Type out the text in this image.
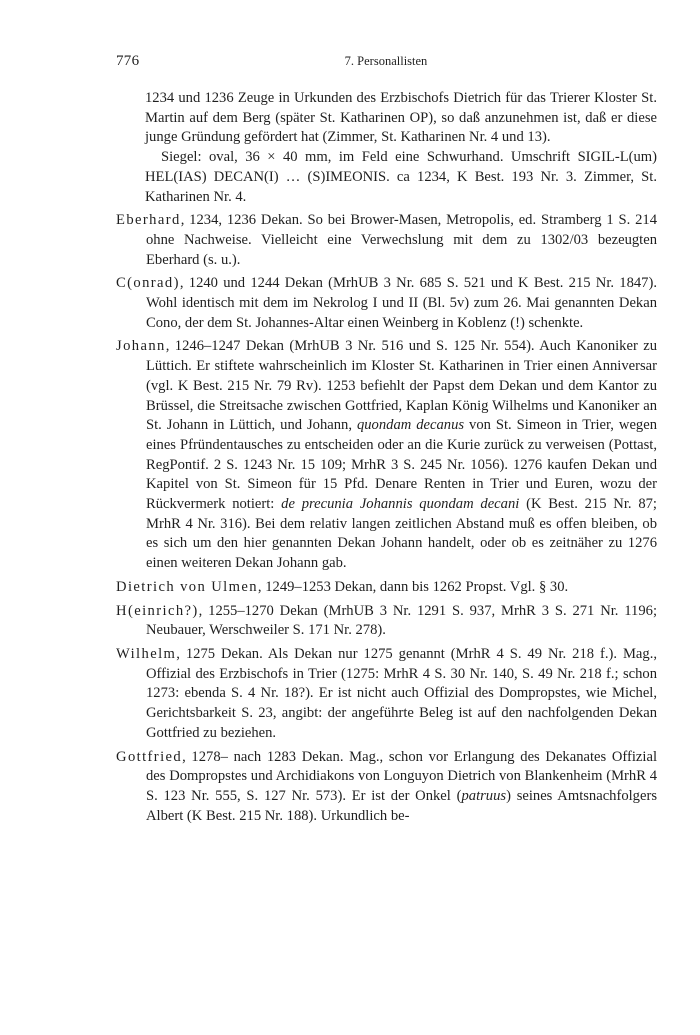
776	7. Personallisten

1234 und 1236 Zeuge in Urkunden des Erzbischofs Dietrich für das Trierer Kloster St. Martin auf dem Berg (später St. Katharinen OP), so daß anzunehmen ist, daß er diese junge Gründung gefördert hat (Zimmer, St. Katharinen Nr. 4 und 13).

Siegel: oval, 36 × 40 mm, im Feld eine Schwurhand. Umschrift SIGIL-L(um) HEL(IAS) DECAN(I) … (S)IMEONIS. ca 1234, K Best. 193 Nr. 3. Zimmer, St. Katharinen Nr. 4.

Eberhard, 1234, 1236 Dekan. So bei Brower-Masen, Metropolis, ed. Stramberg 1 S. 214 ohne Nachweise. Vielleicht eine Verwechslung mit dem zu 1302/03 bezeugten Eberhard (s. u.).

C(onrad), 1240 und 1244 Dekan (MrhUB 3 Nr. 685 S. 521 und K Best. 215 Nr. 1847). Wohl identisch mit dem im Nekrolog I und II (Bl. 5v) zum 26. Mai genannten Dekan Cono, der dem St. Johannes-Altar einen Weinberg in Koblenz (!) schenkte.

Johann, 1246–1247 Dekan (MrhUB 3 Nr. 516 und S. 125 Nr. 554). Auch Kanoniker zu Lüttich. Er stiftete wahrscheinlich im Kloster St. Katharinen in Trier einen Anniversar (vgl. K Best. 215 Nr. 79 Rv). 1253 befiehlt der Papst dem Dekan und dem Kantor zu Brüssel, die Streitsache zwischen Gottfried, Kaplan König Wilhelms und Kanoniker an St. Johann in Lüttich, und Johann, quondam decanus von St. Simeon in Trier, wegen eines Pfründentausches zu entscheiden oder an die Kurie zurück zu verweisen (Pottast, RegPontif. 2 S. 1243 Nr. 15 109; MrhR 3 S. 245 Nr. 1056). 1276 kaufen Dekan und Kapitel von St. Simeon für 15 Pfd. Denare Renten in Trier und Euren, wozu der Rückvermerk notiert: de precunia Johannis quondam decani (K Best. 215 Nr. 87; MrhR 4 Nr. 316). Bei dem relativ langen zeitlichen Abstand muß es offen bleiben, ob es sich um den hier genannten Dekan Johann handelt, oder ob es zeitnäher zu 1276 einen weiteren Dekan Johann gab.

Dietrich von Ulmen, 1249–1253 Dekan, dann bis 1262 Propst. Vgl. § 30.

H(einrich?), 1255–1270 Dekan (MrhUB 3 Nr. 1291 S. 937, MrhR 3 S. 271 Nr. 1196; Neubauer, Werschweiler S. 171 Nr. 278).

Wilhelm, 1275 Dekan. Als Dekan nur 1275 genannt (MrhR 4 S. 49 Nr. 218 f.). Mag., Offizial des Erzbischofs in Trier (1275: MrhR 4 S. 30 Nr. 140, S. 49 Nr. 218 f.; schon 1273: ebenda S. 4 Nr. 18?). Er ist nicht auch Offizial des Dompropstes, wie Michel, Gerichtsbarkeit S. 23, angibt: der angeführte Beleg ist auf den nachfolgenden Dekan Gottfried zu beziehen.

Gottfried, 1278– nach 1283 Dekan. Mag., schon vor Erlangung des Dekanates Offizial des Dompropstes und Archidiakons von Longuyon Dietrich von Blankenheim (MrhR 4 S. 123 Nr. 555, S. 127 Nr. 573). Er ist der Onkel (patruus) seines Amtsnachfolgers Albert (K Best. 215 Nr. 188). Urkundlich be-
